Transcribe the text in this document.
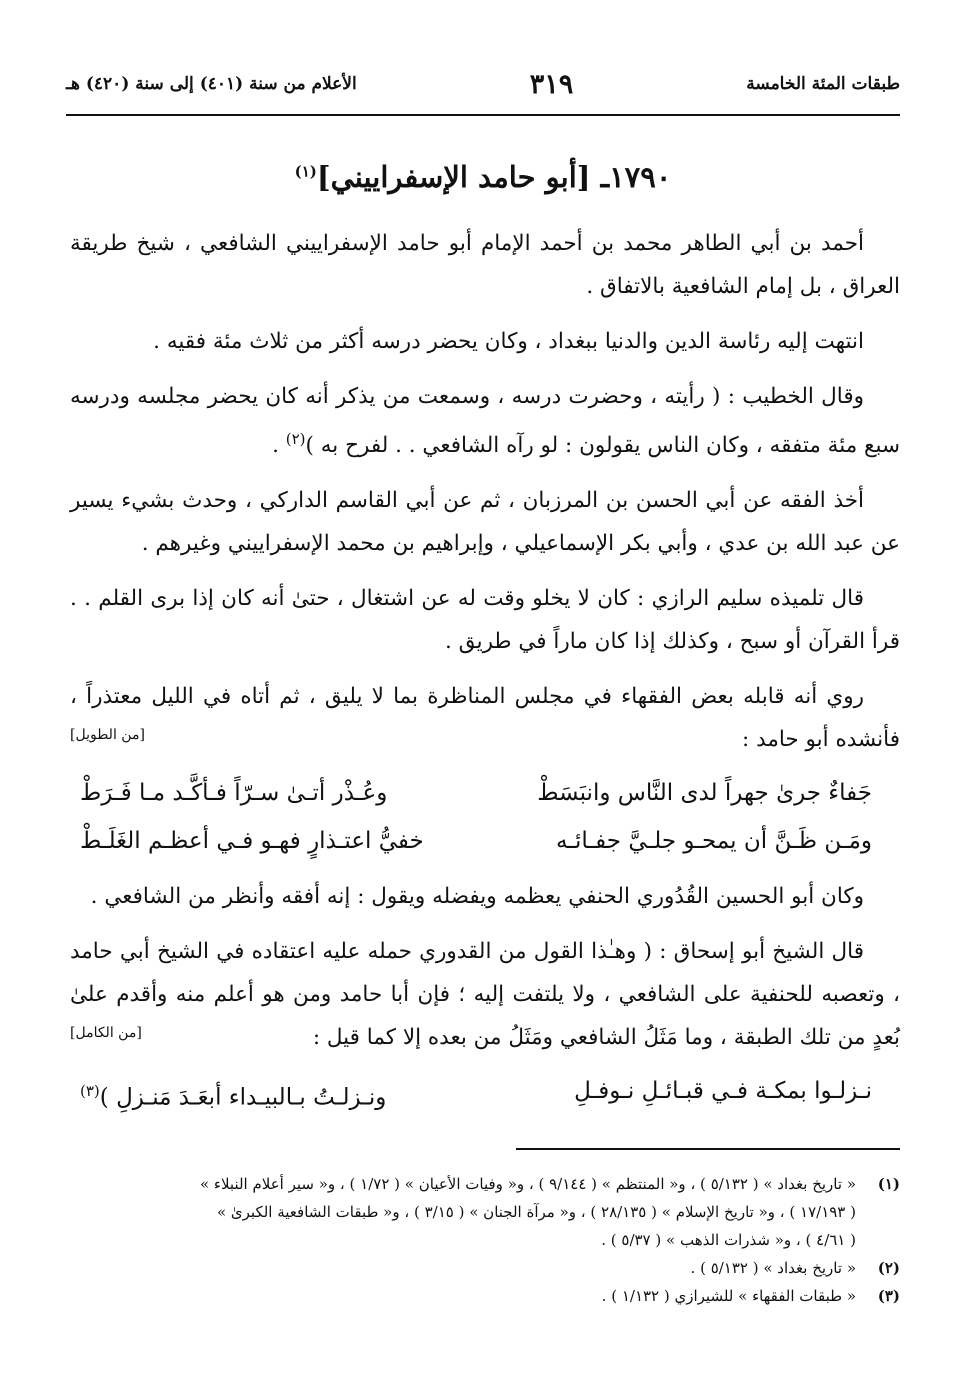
طبقات المئة الخامسة
٣١٩
الأعلام من سنة (٤٠١) إلى سنة (٤٢٠) هـ
١٧٩٠ـ [أبو حامد الإسفراييني]$^{(١)}$

أحمد بن أبي الطاهر محمد بن أحمد الإمام أبو حامد الإسفراييني الشافعي ، شيخ طريقة العراق ، بل إمام الشافعية بالاتفاق .

انتهت إليه رئاسة الدين والدنيا ببغداد ، وكان يحضر درسه أكثر من ثلاث مئة فقيه .

وقال الخطيب : ( رأيته ، وحضرت درسه ، وسمعت من يذكر أنه كان يحضر مجلسه ودرسه سبع مئة متفقه ، وكان الناس يقولون : لو رآه الشافعي . . لفرح به )$^{(٢)}$ .

أخذ الفقه عن أبي الحسن بن المرزبان ، ثم عن أبي القاسم الداركي ، وحدث بشيء يسير عن عبد الله بن عدي ، وأبي بكر الإسماعيلي ، وإبراهيم بن محمد الإسفراييني وغيرهم .

قال تلميذه سليم الرازي : كان لا يخلو وقت له عن اشتغال ، حتىٰ أنه كان إذا برى القلم . . قرأ القرآن أو سبح ، وكذلك إذا كان ماراً في طريق .

روي أنه قابله بعض الفقهاء في مجلس المناظرة بما لا يليق ، ثم أتاه في الليل معتذراً ، فأنشده أبو حامد :
[من الطويل]

جَفاءٌ جرىٰ جهراً لدى النَّاس وانبَسَطْ
وعُـذْر أتـىٰ سـرّاً فـأكَّـد مـا فَـرَطْ
ومَـن ظَـنَّ أن يمحـو جلـيَّ جفـائـه
خفيُّ اعتـذارٍ فهـو فـي أعظـم الغَلَـطْ

وكان أبو الحسين القُدُوري الحنفي يعظمه ويفضله ويقول : إنه أفقه وأنظر من الشافعي .

قال الشيخ أبو إسحاق : ( وهـٰذا القول من القدوري حمله عليه اعتقاده في الشيخ أبي حامد ، وتعصبه للحنفية على الشافعي ، ولا يلتفت إليه ؛ فإن أبا حامد ومن هو أعلم منه وأقدم علىٰ بُعدٍ من تلك الطبقة ، وما مَثَلُ الشافعي ومَثَلُ من بعده إلا كما قيل :
[من الكامل]

نـزلـوا بمكـة فـي قبـائـلِ نـوفـلِ
ونـزلـتُ بـالبيـداء أبعَـدَ مَنـزلِ )$^{(٣)}$
(١)
« تاريخ بغداد » ( ٥/١٣٢ ) ، و« المنتظم » ( ٩/١٤٤ ) ، و« وفيات الأعيان » ( ١/٧٢ ) ، و« سير أعلام النبلاء »
( ١٧/١٩٣ ) ، و« تاريخ الإسلام » ( ٢٨/١٣٥ ) ، و« مرآة الجنان » ( ٣/١٥ ) ، و« طبقات الشافعية الكبرىٰ »
( ٤/٦١ ) ، و« شذرات الذهب » ( ٥/٣٧ ) .
(٢)
« تاريخ بغداد » ( ٥/١٣٢ ) .
(٣)
« طبقات الفقهاء » للشيرازي ( ١/١٣٢ ) .
